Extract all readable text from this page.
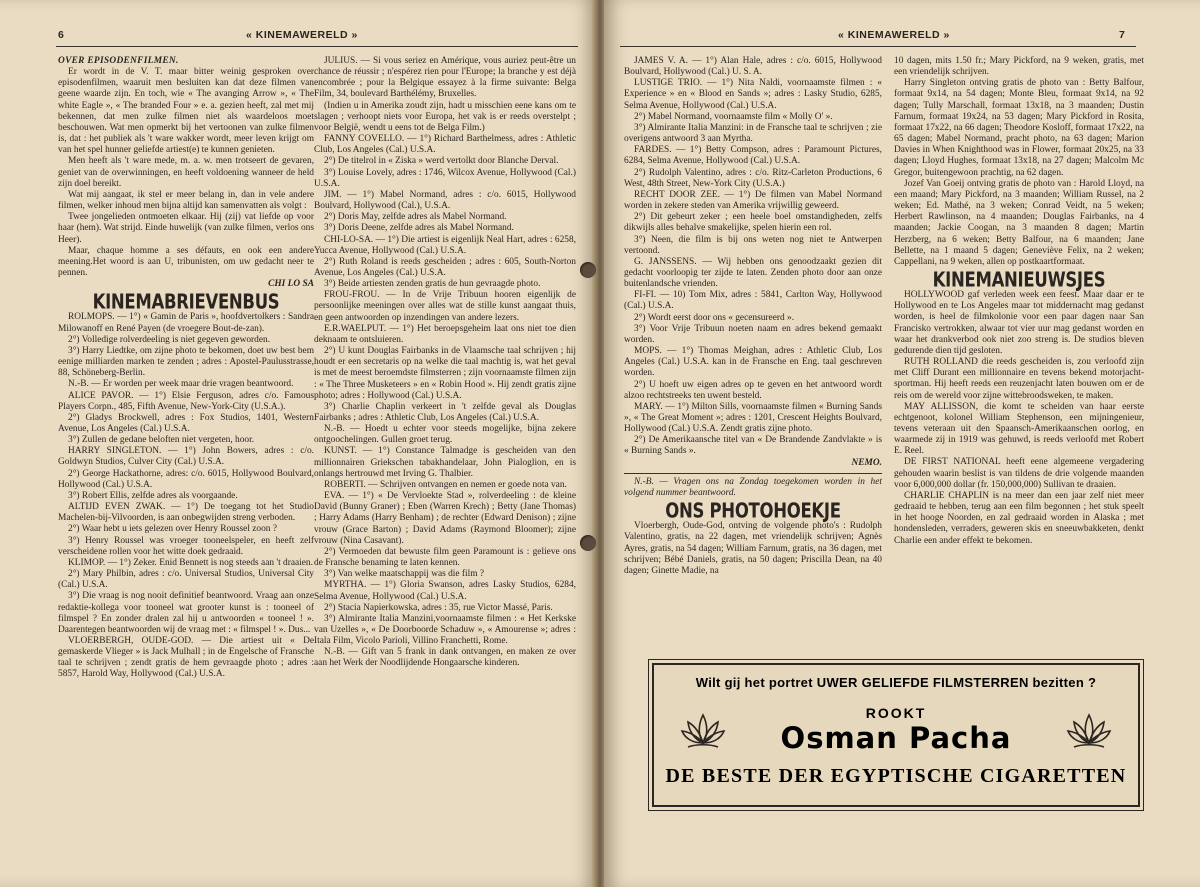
6	« KINEMAWERELD »

OVER EPISODENFILMEN.

Er wordt in de V. T. maar bitter weinig gesproken over episodenfilmen, waaruit men besluiten kan dat deze filmen van geene waarde zijn. En toch, wie « The avanging Arrow », « The white Eagle », « The branded Four » e. a. gezien heeft, zal met mij bekennen, dat men zulke filmen niet als waardeloos moet beschouwen. Wat men opmerkt bij het vertoonen van zulke filmen is, dat : het publiek als 't ware wakker wordt, meer leven krijgt om van het spel hunner geliefde artiest(e) te kunnen genieten.

Men heeft als 't ware mede, m. a. w. men trotseert de gevaren, geniet van de overwinningen, en heeft voldoening wanneer de held zijn doel bereikt.

Wat mij aangaat, ik stel er meer belang in, dan in vele andere filmen, welker inhoud men bijna altijd kan samenvatten als volgt :

Twee jongelieden ontmoeten elkaar. Hij (zij) vat liefde op voor haar (hem). Wat strijd. Einde huwelijk (van zulke filmen, verlos ons Heer).

Maar, chaque homme a ses défauts, en ook een andere meening.Het woord is aan U, tribunisten, om uw gedacht neer te pennen.

CHI LO SA

KINEMABRIEVENBUS

ROLMOPS. — 1°) « Gamin de Paris », hoofdvertolkers : Sandra Milowanoff en René Payen (de vroegere Bout-de-zan).

2°) Volledige rolverdeeling is niet gegeven geworden.

3°) Harry Liedtke, om zijne photo te bekomen, doet uw best bem eenige milliarden marken te zenden ; adres : Apostel-Paulusstrasse, 88, Schöneberg-Berlin.

N.-B. — Er worden per week maar drie vragen beantwoord.

ALICE PAVOR. — 1°) Elsie Ferguson, adres c/o. Famous Players Corpn., 485, Fifth Avenue, New-York-City (U.S.A.).

2°) Gladys Brockwell, adres : Fox Studios, 1401, Western Avenue, Los Angeles (Cal.) U.S.A.

3°) Zullen de gedane beloften niet vergeten, hoor.

HARRY SINGLETON. — 1°) John Bowers, adres : c/o. Goldwyn Studios, Culver City (Cal.) U.S.A.

2°) George Hackathorne, adres: c/o. 6015, Hollywood Boulvard, Hollywood (Cal.) U.S.A.

3°) Robert Ellis, zelfde adres als voorgaande.

ALTIJD EVEN ZWAK. — 1°) De toegang tot het Studio Machelen-bij-Vilvoorden, is aan onbegwijden streng verboden.

2°) Waar hebt u iets gelezen over Henry Roussel zoon ?

3°) Henry Roussel was vroeger tooneelspeler, en heeft zelf verscheidene rollen voor het witte doek gedraaid.

KLIMOP. — 1°) Zeker. Enid Bennett is nog steeds aan 't draaien.

2°) Mary Philbin, adres : c/o. Universal Studios, Universal City (Cal.) U.S.A.

3°) Die vraag is nog nooit definitief beantwoord. Vraag aan onze redaktie-kollega voor tooneel wat grooter kunst is : tooneel of filmspel ? En zonder dralen zal hij u antwoorden « tooneel ! ». Daarentegen beantwoorden wij de vraag met : « filmspel ! ». Dus...

VLOERBERGH, OUDE-GOD. — Die artiest uit « De gemaskerde Vlieger » is Jack Mulhall ; in de Engelsche of Fransche taal te schrijven ; zendt gratis de hem gevraagde photo ; adres : 5857, Harold Way, Hollywood (Cal.) U.S.A.

JULIUS. — Si vous seriez en Amérique, vous auriez peut-être un chance de réussir ; n'espérez rien pour l'Europe; la branche y est déjà encombrée ; pour la Belgique essayez à la firme suivante: Belga Film, 34, boulevard Barthélémy, Bruxelles.

(Indien u in Amerika zoudt zijn, hadt u misschien eene kans om te slagen ; verhoopt niets voor Europa, het vak is er reeds overstelpt ; voor België, wendt u eens tot de Belga Film.)

FANNY COVELLO. — 1°) Richard Barthelmess, adres : Athletic Club, Los Angeles (Cal.) U.S.A.

2°) De titelrol in « Ziska » werd vertolkt door Blanche Derval.

3°) Louise Lovely, adres : 1746, Wilcox Avenue, Hollywood (Cal.) U.S.A.

JIM. — 1°) Mabel Normand, adres : c/o. 6015, Hollywood Boulvard, Hollywood (Cal.), U.S.A.

2°) Doris May, zelfde adres als Mabel Normand.

3°) Doris Deene, zelfde adres als Mabel Normand.

CHI-LO-SA. — 1°) Die artiest is eigenlijk Neal Hart, adres : 6258, Yucca Avenue, Hollywood (Cal.) U.S.A.

2°) Ruth Roland is reeds gescheiden ; adres : 605, South-Norton Avenue, Los Angeles (Cal.) U.S.A.

3°) Beide artiesten zenden gratis de hun gevraagde photo.

FROU-FROU. — In de Vrije Tribuun hooren eigenlijk de persoonlijke meeningen over alles wat de stille kunst aangaat thuis, en geen antwoorden op inzendingen van andere lezers.

E.R.WAELPUT. — 1°) Het beroepsgeheim laat ons niet toe dien deknaam te ontsluieren.

2°) U kunt Douglas Fairbanks in de Vlaamsche taal schrijven ; hij houdt er een secretaris op na welke die taal machtig is, wat het geval is met de meest beroemdste filmsterren ; zijn voornaamste filmen zijn : « The Three Musketeers » en « Robin Hood ». Hij zendt gratis zijne photo; adres : Hollywood (Cal.) U.S.A.

3°) Charlie Chaplin verkeert in 't zelfde geval als Douglas Fairbanks ; adres : Athletic Club, Los Angeles (Cal.) U.S.A.

N.-B. — Hoedt u echter voor steeds mogelijke, bijna zekere ontgoochelingen. Gullen groet terug.

KUNST. — 1°) Constance Talmadge is gescheiden van den millionnairen Griekschen tabakhandelaar, John Pialoglion, en is onlangs hertrouwd met Irving G. Thalbier.

ROBERTI. — Schrijven ontvangen en nemen er goede nota van.

EVA. — 1°) « De Vervloekte Stad », rolverdeeling : de kleine David (Bunny Graner) ; Eben (Warren Krech) ; Betty (Jane Thomas) ; Harry Adams (Harry Benham) ; de rechter (Edward Denison) ; zijne vrouw (Grace Barton) ; David Adams (Raymond Bloomer); zijne vrouw (Nina Casavant).

2°) Vermoeden dat bewuste film geen Paramount is : gelieve ons de Fransche benaming te laten kennen.

3°) Van welke maatschappij was die film ?

MYRTHA. — 1°) Gloria Swanson, adres Lasky Studios, 6284, Selma Avenue, Hollywood (Cal.) U.S.A.

2°) Stacia Napierkowska, adres : 35, rue Victor Massé, Paris.

3°) Almirante Italia Manzini,voornaamste filmen : « Het Kerkske van Uzelles », « De Doorboorde Schaduw », « Amourense »; adres : Itala Film, Vicolo Parioli, Villino Franchetti, Rome.

N.-B. — Gift van 5 frank in dank ontvangen, en maken ze over aan het Werk der Noodlijdende Hongaarsche kinderen.

« KINEMAWERELD »	7

JAMES V. A. — 1°) Alan Hale, adres : c/o. 6015, Hollywood Boulvard, Hollywood (Cal.) U. S. A.

LUSTIGE TRIO. — 1°) Nita Naldi, voornaamste filmen : « Experience » en « Blood en Sands »; adres : Lasky Studio, 6285, Selma Avenue, Hollywood (Cal.) U.S.A.

2°) Mabel Normand, voornaamste film « Molly O' ».

3°) Almirante Italia Manzini: in de Fransche taal te schrijven ; zie overigens antwoord 3 aan Myrtha.

FARDES. — 1°) Betty Compson, adres : Paramount Pictures, 6284, Selma Avenue, Hollywood (Cal.) U.S.A.

2°) Rudolph Valentino, adres : c/o. Ritz-Carleton Productions, 6 West, 48th Street, New-York City (U.S.A.)

RECHT DOOR ZEE. — 1°) De filmen van Mabel Normand worden in zekere steden van Amerika vrijwillig geweerd.

2°) Dit gebeurt zeker ; een heele boel omstandigheden, zelfs dikwijls alles behalve smakelijke, spelen hierin een rol.

3°) Neen, die film is bij ons weten nog niet te Antwerpen vertoond.

G. JANSSENS. — Wij hebben ons genoodzaakt gezien dit gedacht voorloopig ter zijde te laten. Zenden photo door aan onze buitenlandsche vrienden.

FI-FI. — 10) Tom Mix, adres : 5841, Carlton Way, Hollywood (Cal.) U.S.A.

2°) Wordt eerst door ons « gecensureerd ».

3°) Voor Vrije Tribuun noeten naam en adres bekend gemaakt worden.

MOPS. — 1°) Thomas Meighan, adres : Athletic Club, Los Angeles (Cal.) U.S.A. kan in de Fransche en Eng. taal geschreven worden.

2°) U hoeft uw eigen adres op te geven en het antwoord wordt alzoo rechtstreeks ten uwent besteld.

MARY. — 1°) Milton Sills, voornaamste filmen « Burning Sands », « The Great Moment »; adres : 1201, Crescent Heights Boulvard, Hollywood (Cal.) U.S.A. Zendt gratis zijne photo.

2°) De Amerikaansche titel van « De Brandende Zandvlakte » is « Burning Sands ».

NEMO.

N.-B. — Vragen ons na Zondag toegekomen worden in het volgend nummer beantwoord.

ONS PHOTOHOEKJE

Vloerbergh, Oude-God, ontving de volgende photo's : Rudolph Valentino, gratis, na 22 dagen, met vriendelijk schrijven; Agnès Ayres, gratis, na 54 dagen; William Farnum, gratis, na 36 dagen, met schrijven; Bébé Daniels, gratis, na 50 dagen; Priscilla Dean, na 40 dagen; Ginette Madie, na

10 dagen, mits 1.50 fr.; Mary Pickford, na 9 weken, gratis, met een vriendelijk schrijven.

Harry Singleton ontving gratis de photo van : Betty Balfour, formaat 9x14, na 54 dagen; Monte Bleu, formaat 9x14, na 92 dagen; Tully Marschall, formaat 13x18, na 3 maanden; Dustin Farnum, formaat 19x24, na 53 dagen; Mary Pickford in Rosita, formaat 17x22, na 66 dagen; Theodore Kosloff, formaat 17x22, na 65 dagen; Mabel Normand, pracht photo, na 63 dagen; Marion Davies in When Knighthood was in Flower, formaat 20x25, na 33 dagen; Lloyd Hughes, formaat 13x18, na 27 dagen; Malcolm Mc Gregor, buitengewoon prachtig, na 62 dagen.

Jozef Van Goeij ontving gratis de photo van : Harold Lloyd, na een maand; Mary Pickford, na 3 maanden; William Russel, na 2 weken; Ed. Mathé, na 3 weken; Conrad Veidt, na 5 weken; Herbert Rawlinson, na 4 maanden; Douglas Fairbanks, na 4 maanden; Jackie Coogan, na 3 maanden 8 dagen; Martin Herzberg, na 6 weken; Betty Balfour, na 6 maanden; Jane Bellette, na 1 maand 5 dagen; Geneviève Felix, na 2 weken; Cappellani, na 9 weken, allen op postkaartformaat.

KINEMANIEUWSJES

HOLLYWOOD gaf verleden week een feest. Maar daar er te Hollywood en te Los Angeles maar tot middernacht mag gedanst worden, is heel de filmkolonie voor een paar dagen naar San Francisko vertrokken, alwaar tot vier uur mag gedanst worden en waar het drankverbod ook niet zoo streng is. De studios bleven gedurende dien tijd gesloten.

RUTH ROLLAND die reeds gescheiden is, zou verloofd zijn met Cliff Durant een millionnaire en tevens bekend motorjacht-sportman. Hij heeft reeds een reuzenjacht laten bouwen om er de reis om de wereld voor zijne wittebroodsweken, te maken.

MAY ALLISSON, die komt te scheiden van haar eerste echtgenoot, kolonel William Stephenson, een mijningenieur, tevens veteraan uit den Spaansch-Amerikaanschen oorlog, en waarmede zij in 1919 was gehuwd, is reeds verloofd met Robert E. Reel.

DE FIRST NATIONAL heeft eene algemeene vergadering gehouden waarin beslist is van tildens de drie volgende maanden voor 6,000,000 dollar (fr. 150,000,000) Sullivan te draaien.

CHARLIE CHAPLIN is na meer dan een jaar zelf niet meer gedraaid te hebben, terug aan een film begonnen ; het stuk speelt in het hooge Noorden, en zal gedraaid worden in Alaska ; met hondensleden, verraders, geweren skis en sneeuwbakketen, denkt Charlie een ander effekt te bekomen.

Wilt gij het portret UWER GELIEFDE FILMSTERREN bezitten ?
ROOKT
Osman Pacha
DE BESTE DER EGYPTISCHE CIGARETTEN
